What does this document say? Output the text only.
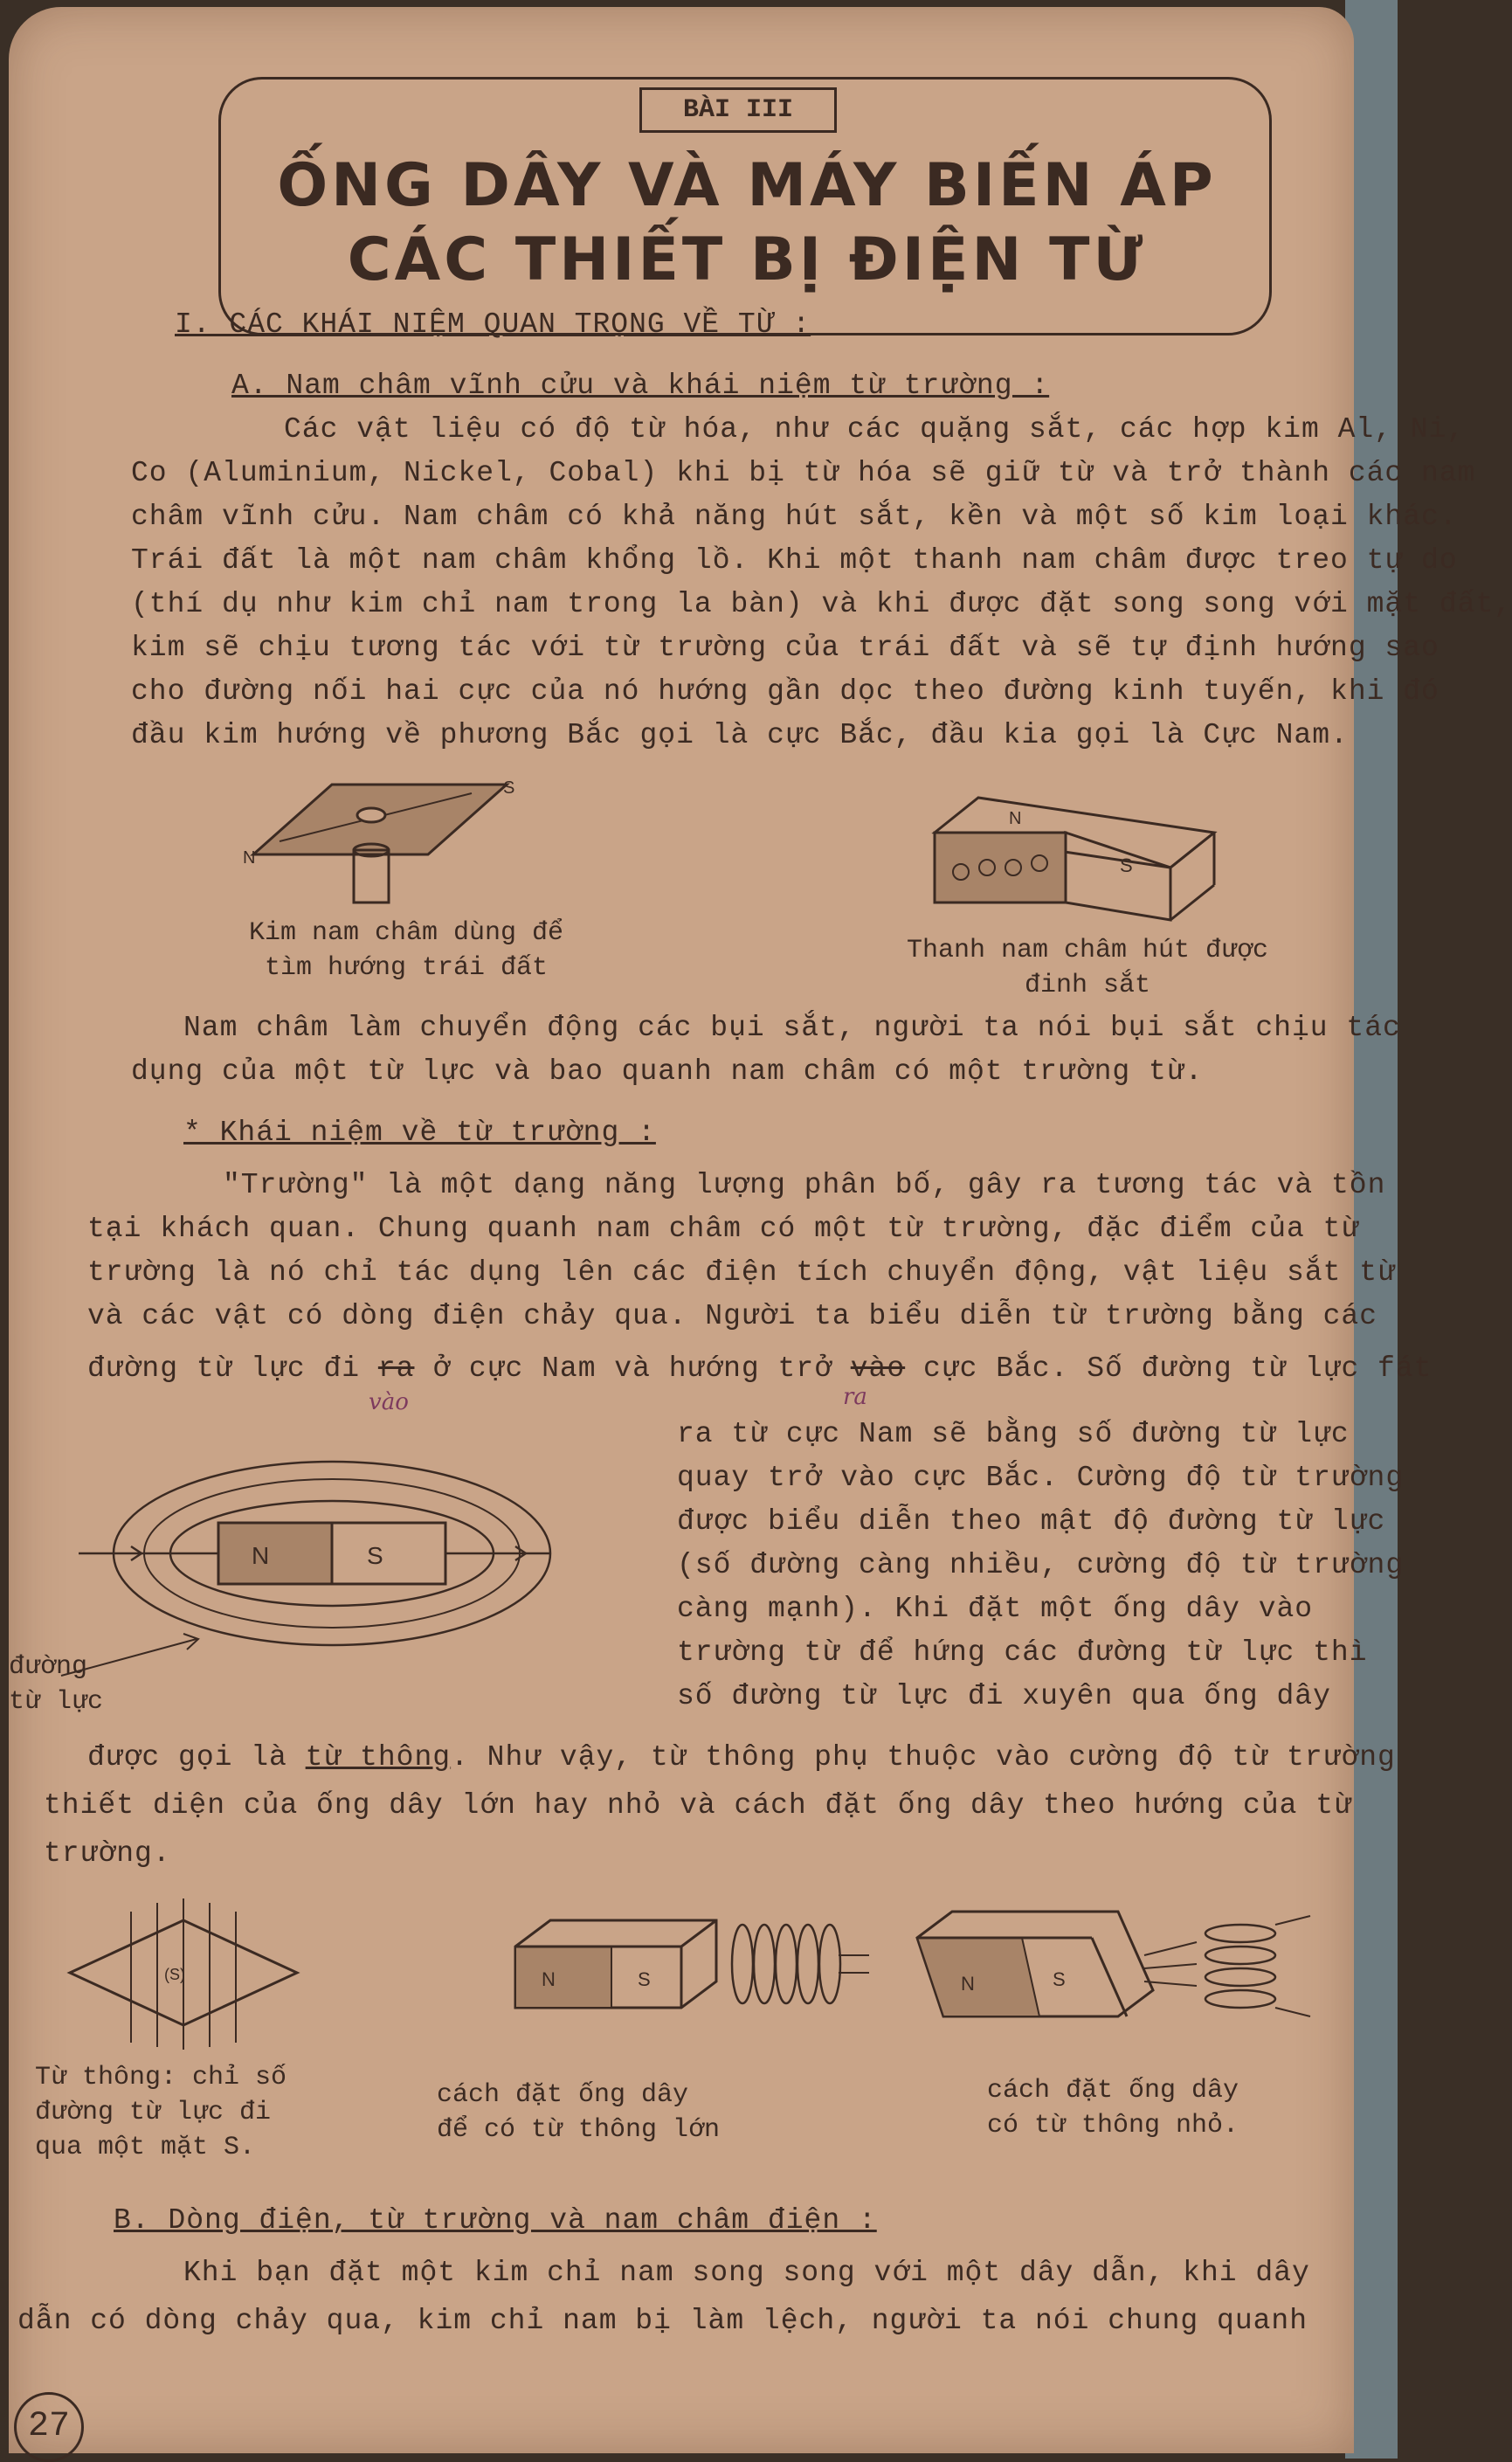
BÀI III
ỐNG DÂY VÀ MÁY BIẾN ÁP
CÁC THIẾT BỊ ĐIỆN TỪ
I. CÁC KHÁI NIỆM QUAN TRỌNG VỀ TỪ :
A. Nam châm vĩnh cửu và khái niệm từ trường :
Các vật liệu có độ từ hóa, như các quặng sắt, các hợp kim Al, Ni,
Co (Aluminium, Nickel, Cobal) khi bị từ hóa sẽ giữ từ và trở thành các nam
châm vĩnh cửu. Nam châm có khả năng hút sắt, kền và một số kim loại khác.
Trái đất là một nam châm khổng lồ. Khi một thanh nam châm được treo tự do
(thí dụ như kim chỉ nam trong la bàn) và khi được đặt song song với mặt đất,
kim sẽ chịu tương tác với từ trường của trái đất và sẽ tự định hướng sao
cho đường nối hai cực của nó hướng gần dọc theo đường kinh tuyến, khi đó
đầu kim hướng về phương Bắc gọi là cực Bắc, đầu kia gọi là Cực Nam.
N
S
Kim nam châm dùng để
tìm hướng trái đất
N
S
Thanh nam châm hút được
đinh sắt
Nam châm làm chuyển động các bụi sắt, người ta nói bụi sắt chịu tác
dụng của một từ lực và bao quanh nam châm có một trường từ.
* Khái niệm về từ trường :
"Trường" là một dạng năng lượng phân bố, gây ra tương tác và tồn
tại khách quan. Chung quanh nam châm có một từ trường, đặc điểm của từ
trường là nó chỉ tác dụng lên các điện tích chuyển động, vật liệu sắt từ
và các vật có dòng điện chảy qua. Người ta biểu diễn từ trường bằng các
đường từ lực đi ra ở cực Nam và hướng trở vào cực Bắc. Số đường từ lực fát
vào	ra
N	S
đường
từ lực
ra từ cực Nam sẽ bằng số đường từ lực
quay trở vào cực Bắc. Cường độ từ trường
được biểu diễn theo mật độ đường từ lực
(số đường càng nhiều, cường độ từ trường
càng mạnh). Khi đặt một ống dây vào
trường từ để hứng các đường từ lực thì
số đường từ lực đi xuyên qua ống dây
được gọi là từ thông. Như vậy, từ thông phụ thuộc vào cường độ từ trường
thiết diện của ống dây lớn hay nhỏ và cách đặt ống dây theo hướng của từ
trường.
(S)
Từ thông: chỉ số
đường từ lực đi
qua một mặt S.
N	S
cách đặt ống dây
để có từ thông lớn
N	S
cách đặt ống dây
có từ thông nhỏ.
B. Dòng điện, từ trường và nam châm điện :
Khi bạn đặt một kim chỉ nam song song với một dây dẫn, khi dây
dẫn có dòng chảy qua, kim chỉ nam bị làm lệch, người ta nói chung quanh
27
